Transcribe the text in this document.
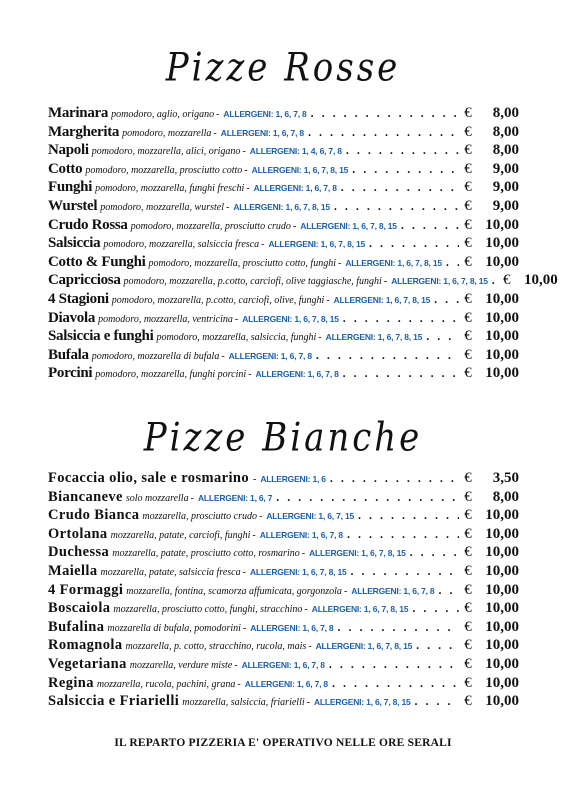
Pizze Rosse
Marinara pomodoro, aglio, origano - ALLERGENI: 1, 6, 7, 8 . . .	€	8,00
Margherita pomodoro, mozzarella - ALLERGENI: 1, 6, 7, 8 . . .	€	8,00
Napoli pomodoro, mozzarella, alici, origano - ALLERGENI: 1, 4, 6, 7, 8 . . .	€	8,00
Cotto pomodoro, mozzarella, prosciutto cotto - ALLERGENI: 1, 6, 7, 8, 15 . . .	€	9,00
Funghi pomodoro, mozzarella, funghi freschi - ALLERGENI: 1, 6, 7, 8 . . .	€	9,00
Wurstel pomodoro, mozzarella, wurstel - ALLERGENI: 1, 6, 7, 8, 15 . . .	€	9,00
Crudo Rossa pomodoro, mozzarella, prosciutto crudo - ALLERGENI: 1, 6, 7, 8, 15 . . .	€ 10,00
Salsiccia pomodoro, mozzarella, salsiccia fresca - ALLERGENI: 1, 6, 7, 8, 15 . . .	€ 10,00
Cotto & Funghi pomodoro, mozzarella, prosciutto cotto, funghi - ALLERGENI: 1, 6, 7, 8, 15 . . . € 10,00
Capricciosa pomodoro, mozzarella, p.cotto, carciofi, olive taggiasche, funghi - ALLERGENI: 1, 6, 7, 8, 15 . . . € 10,00
4 Stagioni pomodoro, mozzarella, p.cotto, carciofi, olive, funghi - ALLERGENI: 1, 6, 7, 8, 15 . . . € 10,00
Diavola pomodoro, mozzarella, ventricina - ALLERGENI: 1, 6, 7, 8, 15 . . .	€ 10,00
Salsiccia e funghi pomodoro, mozzarella, salsiccia, funghi - ALLERGENI: 1, 6, 7, 8, 15 . . .	€ 10,00
Bufala pomodoro, mozzarella di bufala - ALLERGENI: 1, 6, 7, 8 . . .	€ 10,00
Porcini pomodoro, mozzarella, funghi porcini - ALLERGENI: 1, 6, 7, 8 . . .	€ 10,00
Pizze Bianche
Focaccia olio, sale e rosmarino - ALLERGENI: 1, 6 . . .	€	3,50
Biancaneve solo mozzarella - ALLERGENI: 1, 6, 7 . . .	€	8,00
Crudo Bianca mozzarella, prosciutto crudo - ALLERGENI: 1, 6, 7, 15 . . .	€ 10,00
Ortolana mozzarella, patate, carciofi, funghi - ALLERGENI: 1, 6, 7, 8 . . .	€ 10,00
Duchessa mozzarella, patate, prosciutto cotto, rosmarino - ALLERGENI: 1, 6, 7, 8, 15 . . .	€ 10,00
Maiella mozzarella, patate, salsiccia fresca - ALLERGENI: 1, 6, 7, 8, 15 . . .	€ 10,00
4 Formaggi mozzarella, fontina, scamorza affumicata, gorgonzola - ALLERGENI: 1, 6, 7, 8 . . . € 10,00
Boscaiola mozzarella, prosciutto cotto, funghi, stracchino - ALLERGENI: 1, 6, 7, 8, 15 . . .	€ 10,00
Bufalina mozzarella di bufala, pomodorini - ALLERGENI: 1, 6, 7, 8 . . .	€ 10,00
Romagnola mozzarella, p. cotto, stracchino, rucola, mais - ALLERGENI: 1, 6, 7, 8, 15 . . .	€ 10,00
Vegetariana mozzarella, verdure miste - ALLERGENI: 1, 6, 7, 8 . . .	€ 10,00
Regina mozzarella, rucola, pachini, grana - ALLERGENI: 1, 6, 7, 8 . . .	€ 10,00
Salsiccia e Friarielli mozzarella, salsiccia, friarielli - ALLERGENI: 1, 6, 7, 8, 15 . . .	€ 10,00
IL REPARTO PIZZERIA E' OPERATIVO NELLE ORE SERALI
